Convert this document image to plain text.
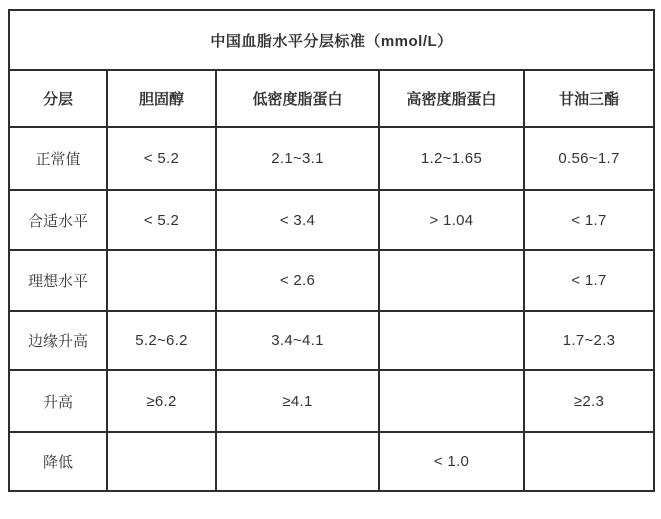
中国血脂水平分层标准（mmol/L）				
分层	胆固醇	低密度脂蛋白	高密度脂蛋白	甘油三酯
正常值	< 5.2	2.1~3.1	1.2~1.65	0.56~1.7
合适水平	< 5.2	< 3.4	> 1.04	< 1.7
理想水平		< 2.6		< 1.7
边缘升高	5.2~6.2	3.4~4.1		1.7~2.3
升高	≥6.2	≥4.1		≥2.3
降低			< 1.0	
